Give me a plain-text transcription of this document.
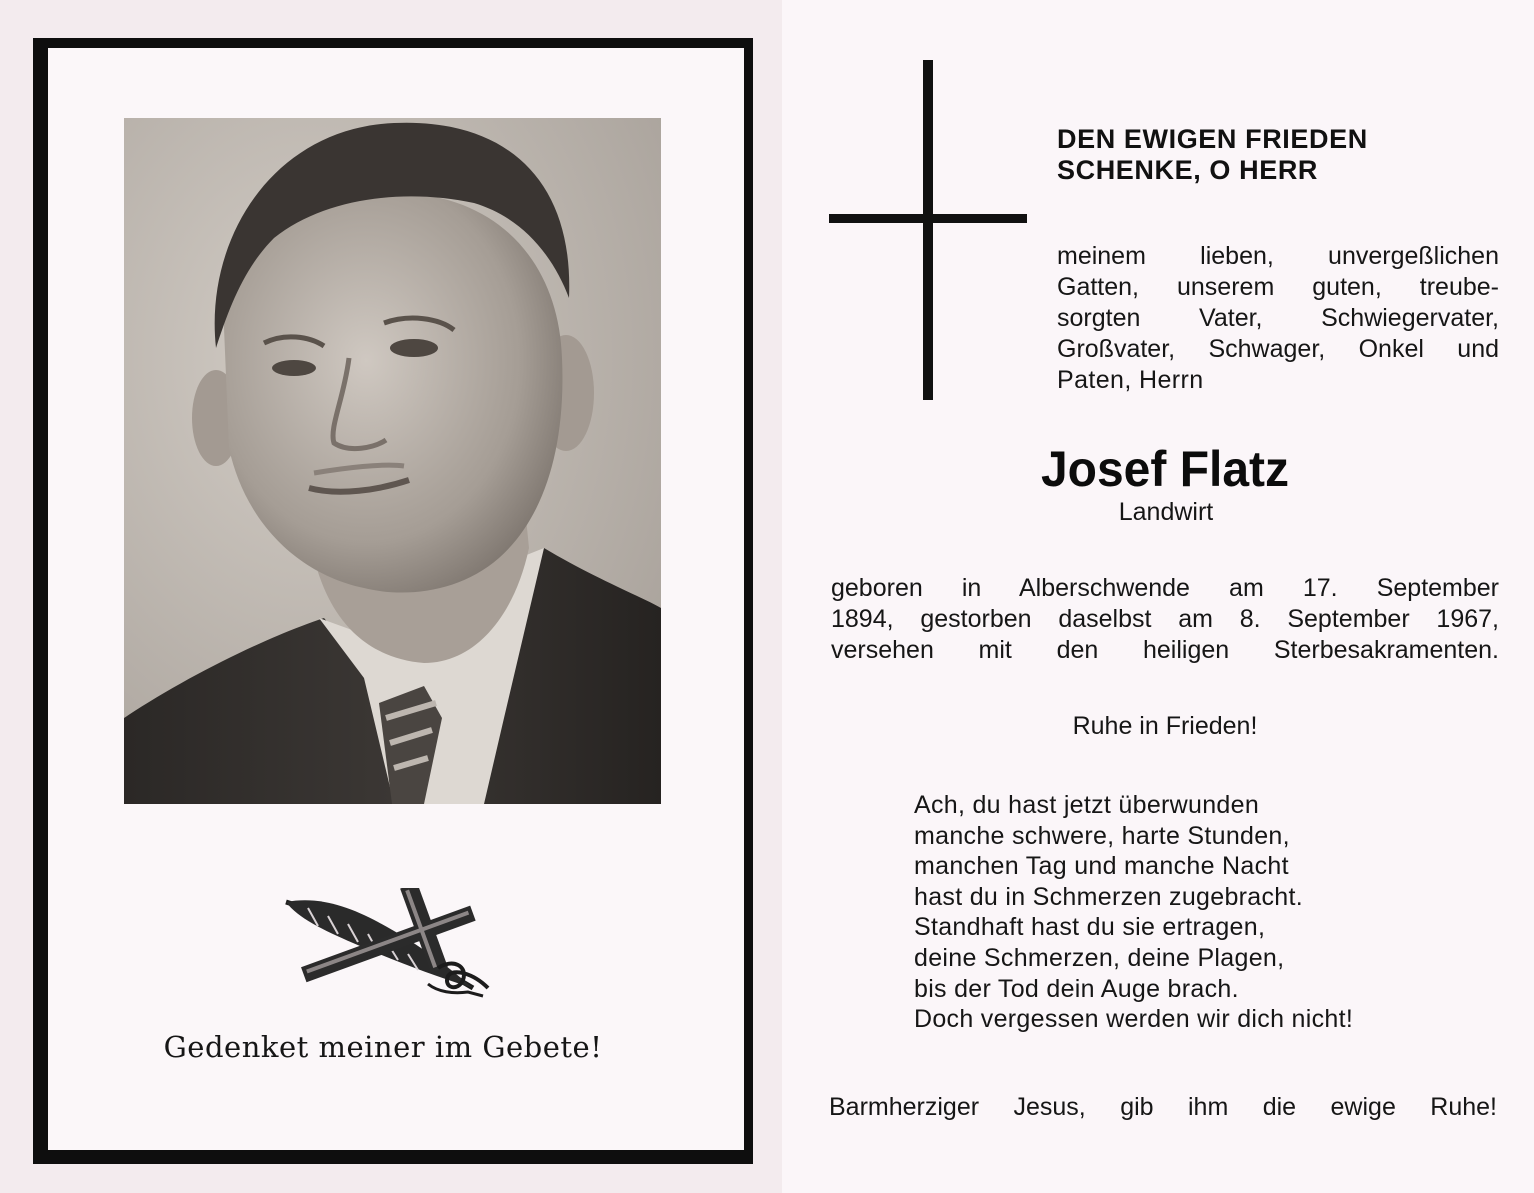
Gedenket meiner im Gebete!
DEN EWIGEN FRIEDEN
SCHENKE, O HERR
meinem lieben, unvergeßlichen
Gatten, unserem guten, treube-
sorgten Vater, Schwiegervater,
Großvater, Schwager, Onkel und
Paten, Herrn
Josef Flatz
Landwirt
geboren in Alberschwende am 17. September
1894, gestorben daselbst am 8. September 1967,
versehen mit den heiligen Sterbesakramenten.
Ruhe in Frieden!
Ach, du hast jetzt überwunden
manche schwere, harte Stunden,
manchen Tag und manche Nacht
hast du in Schmerzen zugebracht.
Standhaft hast du sie ertragen,
deine Schmerzen, deine Plagen,
bis der Tod dein Auge brach.
Doch vergessen werden wir dich nicht!
Barmherziger Jesus, gib ihm die ewige Ruhe!
